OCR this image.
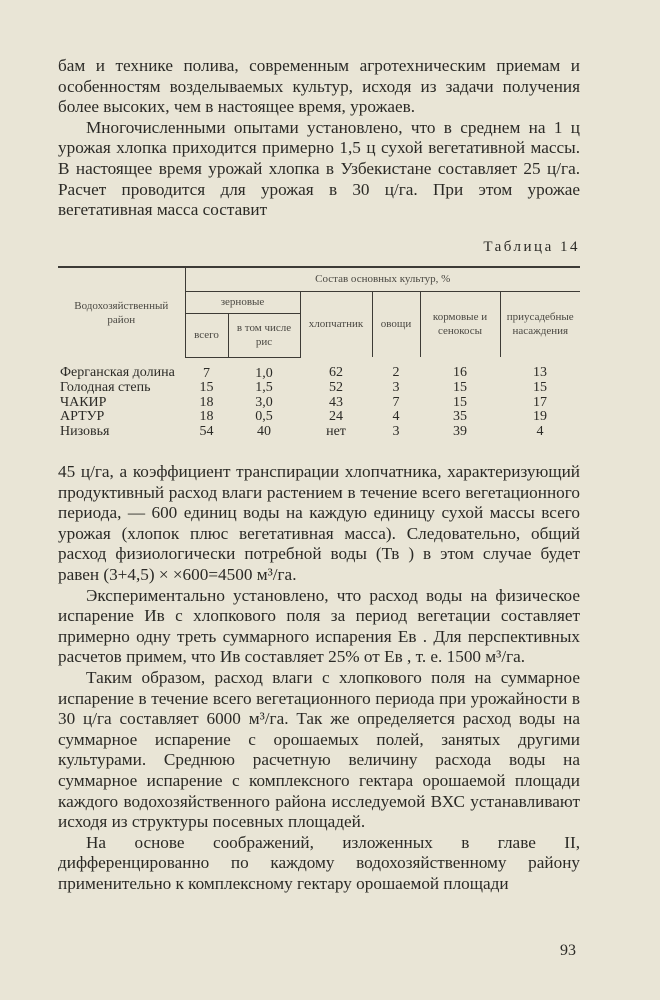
бам и технике полива, современным агротехническим приемам и особенностям возделываемых культур, исходя из задачи получения более высоких, чем в настоящее время, урожаев.

Многочисленными опытами установлено, что в среднем на 1 ц урожая хлопка приходится примерно 1,5 ц сухой вегетативной массы. В настоящее время урожай хлопка в Узбекистане составляет 25 ц/га. Расчет проводится для урожая в 30 ц/га. При этом урожае вегетативная масса составит

Таблица 14
Водохозяйственный район	Состав основных культур, %					
	зерновые		хлопчатник	овощи	кормовые и сенокосы	приусадебные насаждения
	всего	в том числе рис				
Ферганская долина	7	1,0	62	2	16	13
Голодная степь	15	1,5	52	3	15	15
ЧАКИР	18	3,0	43	7	15	17
АРТУР	18	0,5	24	4	35	19
Низовья	54	40	нет	3	39	4

45 ц/га, а коэффициент транспирации хлопчатника, характеризующий продуктивный расход влаги растением в течение всего вегетационного периода, — 600 единиц воды на каждую единицу сухой массы всего урожая (хлопок плюс вегетативная масса). Следовательно, общий расход физиологически потребной воды (Тв ) в этом случае будет равен (3+4,5) × ×600=4500 м³/га.

Экспериментально установлено, что расход воды на физическое испарение Ив с хлопкового поля за период вегетации составляет примерно одну треть суммарного испарения Ев . Для перспективных расчетов примем, что Ив составляет 25% от Ев , т. е. 1500 м³/га.

Таким образом, расход влаги с хлопкового поля на суммарное испарение в течение всего вегетационного периода при урожайности в 30 ц/га составляет 6000 м³/га. Так же определяется расход воды на суммарное испарение с орошаемых полей, занятых другими культурами. Среднюю расчетную величину расхода воды на суммарное испарение с комплексного гектара орошаемой площади каждого водохозяйственного района исследуемой ВХС устанавливают исходя из структуры посевных площадей.

На основе соображений, изложенных в главе II, дифференцированно по каждому водохозяйственному району применительно к комплексному гектару орошаемой площади

93
